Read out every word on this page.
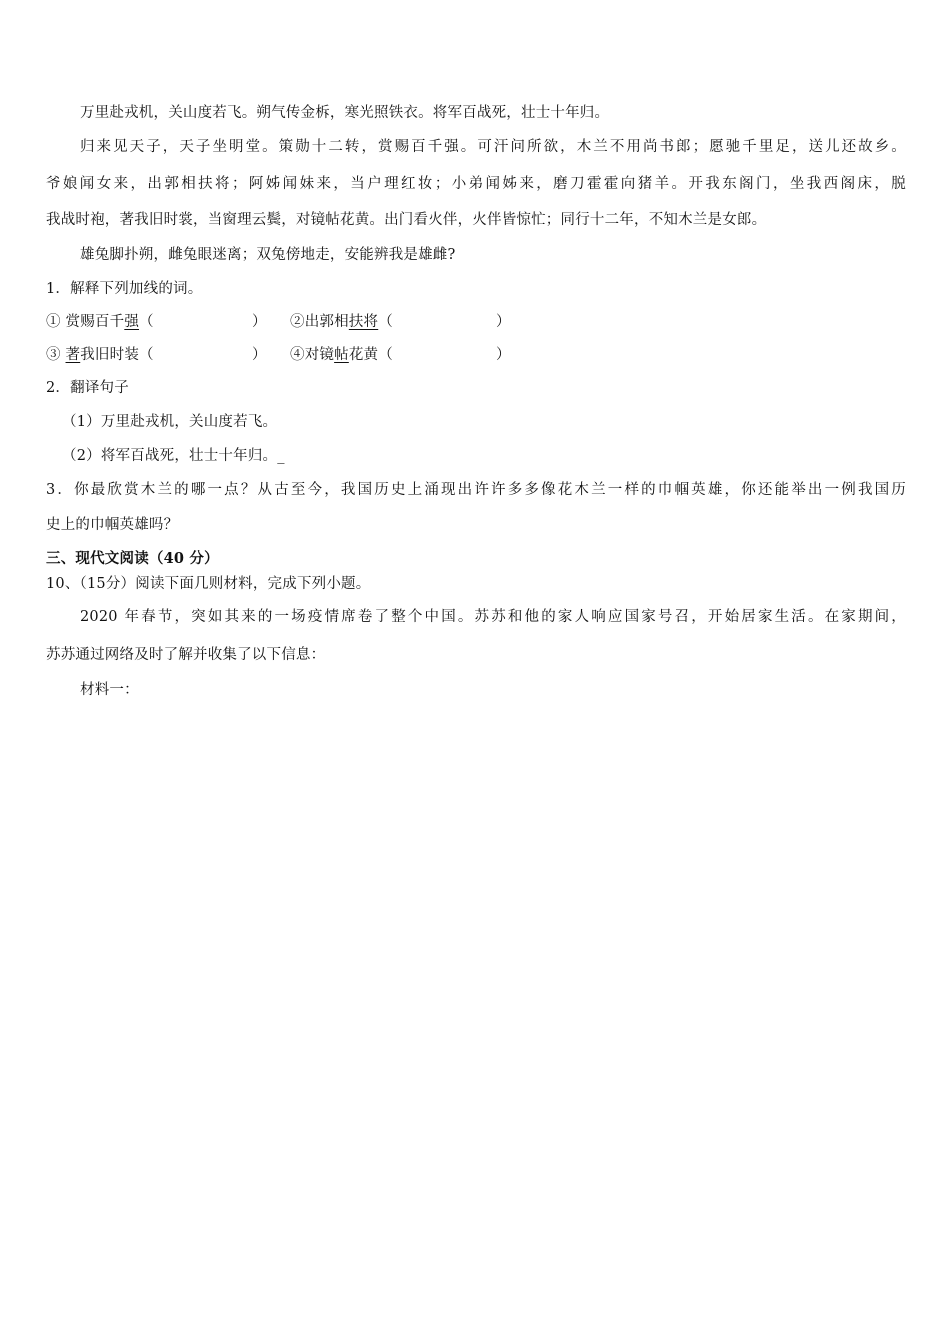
万里赴戎机，关山度若飞。朔气传金柝，寒光照铁衣。将军百战死，壮士十年归。
归来见天子，天子坐明堂。策勋十二转，赏赐百千强。可汗问所欲，木兰不用尚书郎；愿驰千里足，送儿还故乡。
爷娘闻女来，出郭相扶将；阿姊闻妹来，当户理红妆；小弟闻姊来，磨刀霍霍向猪羊。开我东阁门，坐我西阁床，脱
我战时袍，著我旧时裳，当窗理云鬓，对镜帖花黄。出门看火伴，火伴皆惊忙；同行十二年，不知木兰是女郎。
雄兔脚扑朔，雌兔眼迷离；双兔傍地走，安能辨我是雄雌?
1．解释下列加线的词。
① 赏赐百千强（	） ②出郭相扶将（	）
③ 著我旧时装（	） ④对镜帖花黄（	）
2．翻译句子
（1）万里赴戎机，关山度若飞。
（2）将军百战死，壮士十年归。_
3．你最欣赏木兰的哪一点？从古至今，我国历史上涌现出许许多多像花木兰一样的巾帼英雄，你还能举出一例我国历
史上的巾帼英雄吗？
三、现代文阅读（40 分）
10、（15分）阅读下面几则材料，完成下列小题。
2020 年春节，突如其来的一场疫情席卷了整个中国。苏苏和他的家人响应国家号召，开始居家生活。在家期间，
苏苏通过网络及时了解并收集了以下信息：
材料一：
